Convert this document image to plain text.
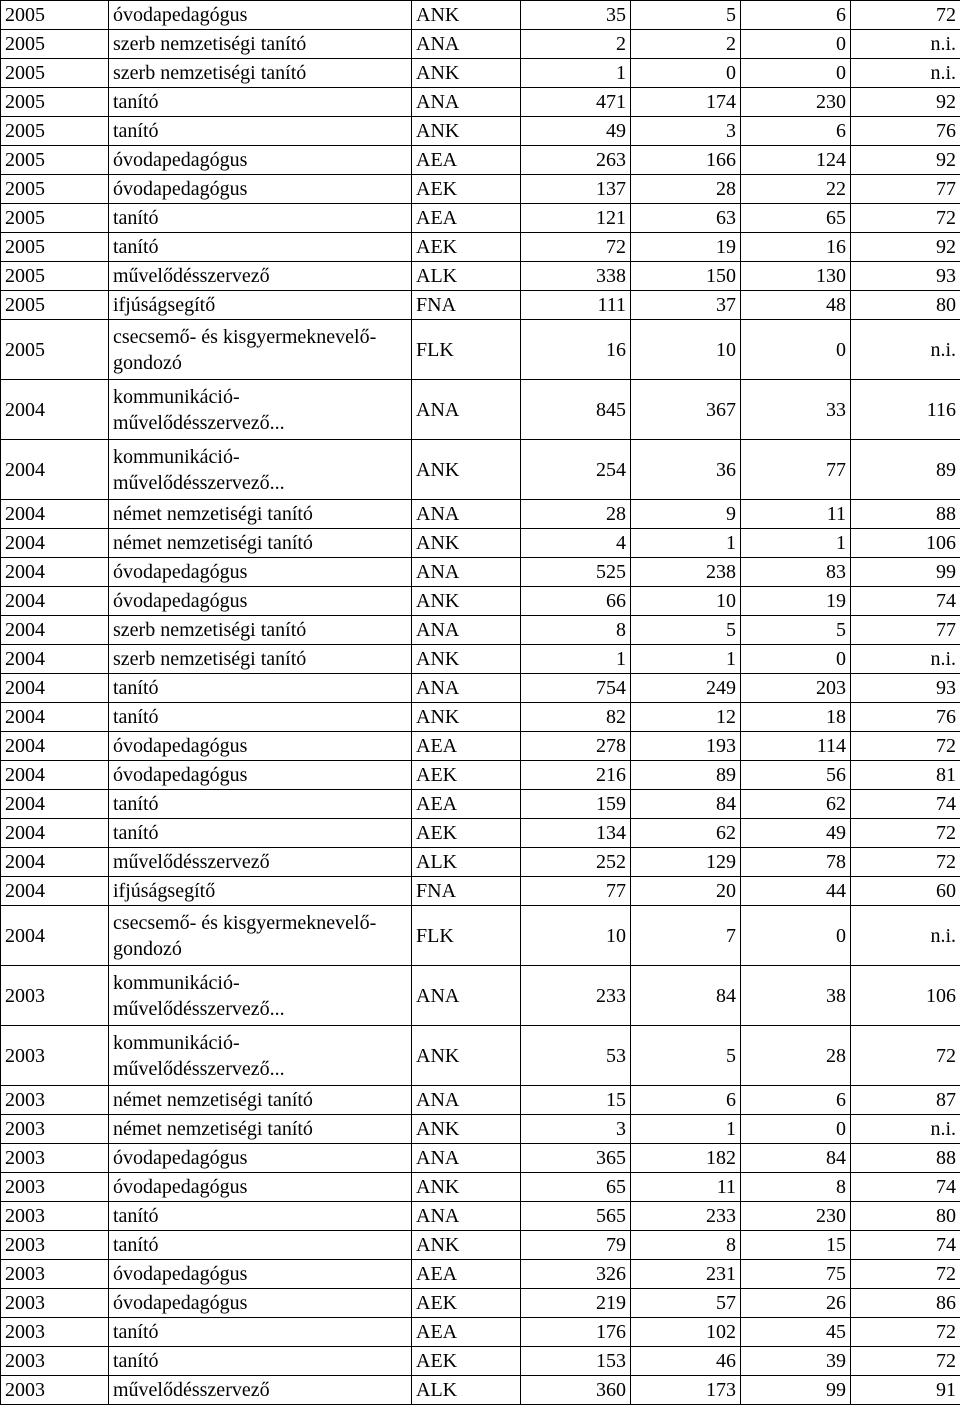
2005	óvodapedagógus	ANK	35	5	6	72
2005	szerb nemzetiségi tanító	ANA	2	2	0	n.i.
2005	szerb nemzetiségi tanító	ANK	1	0	0	n.i.
2005	tanító	ANA	471	174	230	92
2005	tanító	ANK	49	3	6	76
2005	óvodapedagógus	AEA	263	166	124	92
2005	óvodapedagógus	AEK	137	28	22	77
2005	tanító	AEA	121	63	65	72
2005	tanító	AEK	72	19	16	92
2005	művelődésszervező	ALK	338	150	130	93
2005	ifjúságsegítő	FNA	111	37	48	80
2005	csecsemő- és kisgyermeknevelő-gondozó	FLK	16	10	0	n.i.
2004	kommunikáció-művelődésszervező...	ANA	845	367	33	116
2004	kommunikáció-művelődésszervező...	ANK	254	36	77	89
2004	német nemzetiségi tanító	ANA	28	9	11	88
2004	német nemzetiségi tanító	ANK	4	1	1	106
2004	óvodapedagógus	ANA	525	238	83	99
2004	óvodapedagógus	ANK	66	10	19	74
2004	szerb nemzetiségi tanító	ANA	8	5	5	77
2004	szerb nemzetiségi tanító	ANK	1	1	0	n.i.
2004	tanító	ANA	754	249	203	93
2004	tanító	ANK	82	12	18	76
2004	óvodapedagógus	AEA	278	193	114	72
2004	óvodapedagógus	AEK	216	89	56	81
2004	tanító	AEA	159	84	62	74
2004	tanító	AEK	134	62	49	72
2004	művelődésszervező	ALK	252	129	78	72
2004	ifjúságsegítő	FNA	77	20	44	60
2004	csecsemő- és kisgyermeknevelő-gondozó	FLK	10	7	0	n.i.
2003	kommunikáció-művelődésszervező...	ANA	233	84	38	106
2003	kommunikáció-művelődésszervező...	ANK	53	5	28	72
2003	német nemzetiségi tanító	ANA	15	6	6	87
2003	német nemzetiségi tanító	ANK	3	1	0	n.i.
2003	óvodapedagógus	ANA	365	182	84	88
2003	óvodapedagógus	ANK	65	11	8	74
2003	tanító	ANA	565	233	230	80
2003	tanító	ANK	79	8	15	74
2003	óvodapedagógus	AEA	326	231	75	72
2003	óvodapedagógus	AEK	219	57	26	86
2003	tanító	AEA	176	102	45	72
2003	tanító	AEK	153	46	39	72
2003	művelődésszervező	ALK	360	173	99	91
